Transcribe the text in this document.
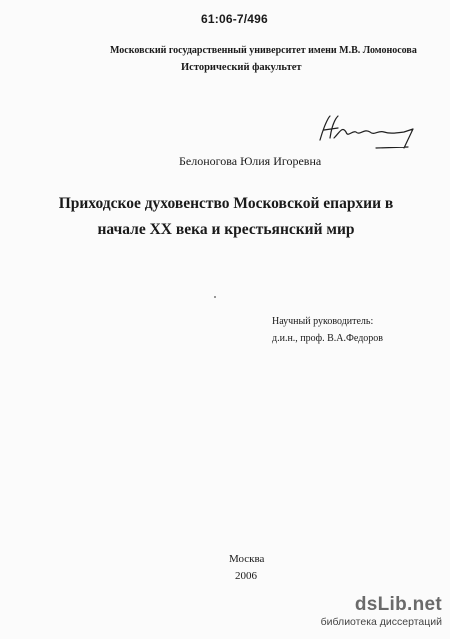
61:06-7/496
Московский государственный университет имени М.В. Ломоносова
Исторический факультет
Белоногова Юлия Игоревна
Приходское духовенство Московской епархии в начале XX века и крестьянский мир
Научный руководитель:
д.и.н., проф. В.А.Федоров
Москва
2006
dsLib.net
библиотека диссертаций
